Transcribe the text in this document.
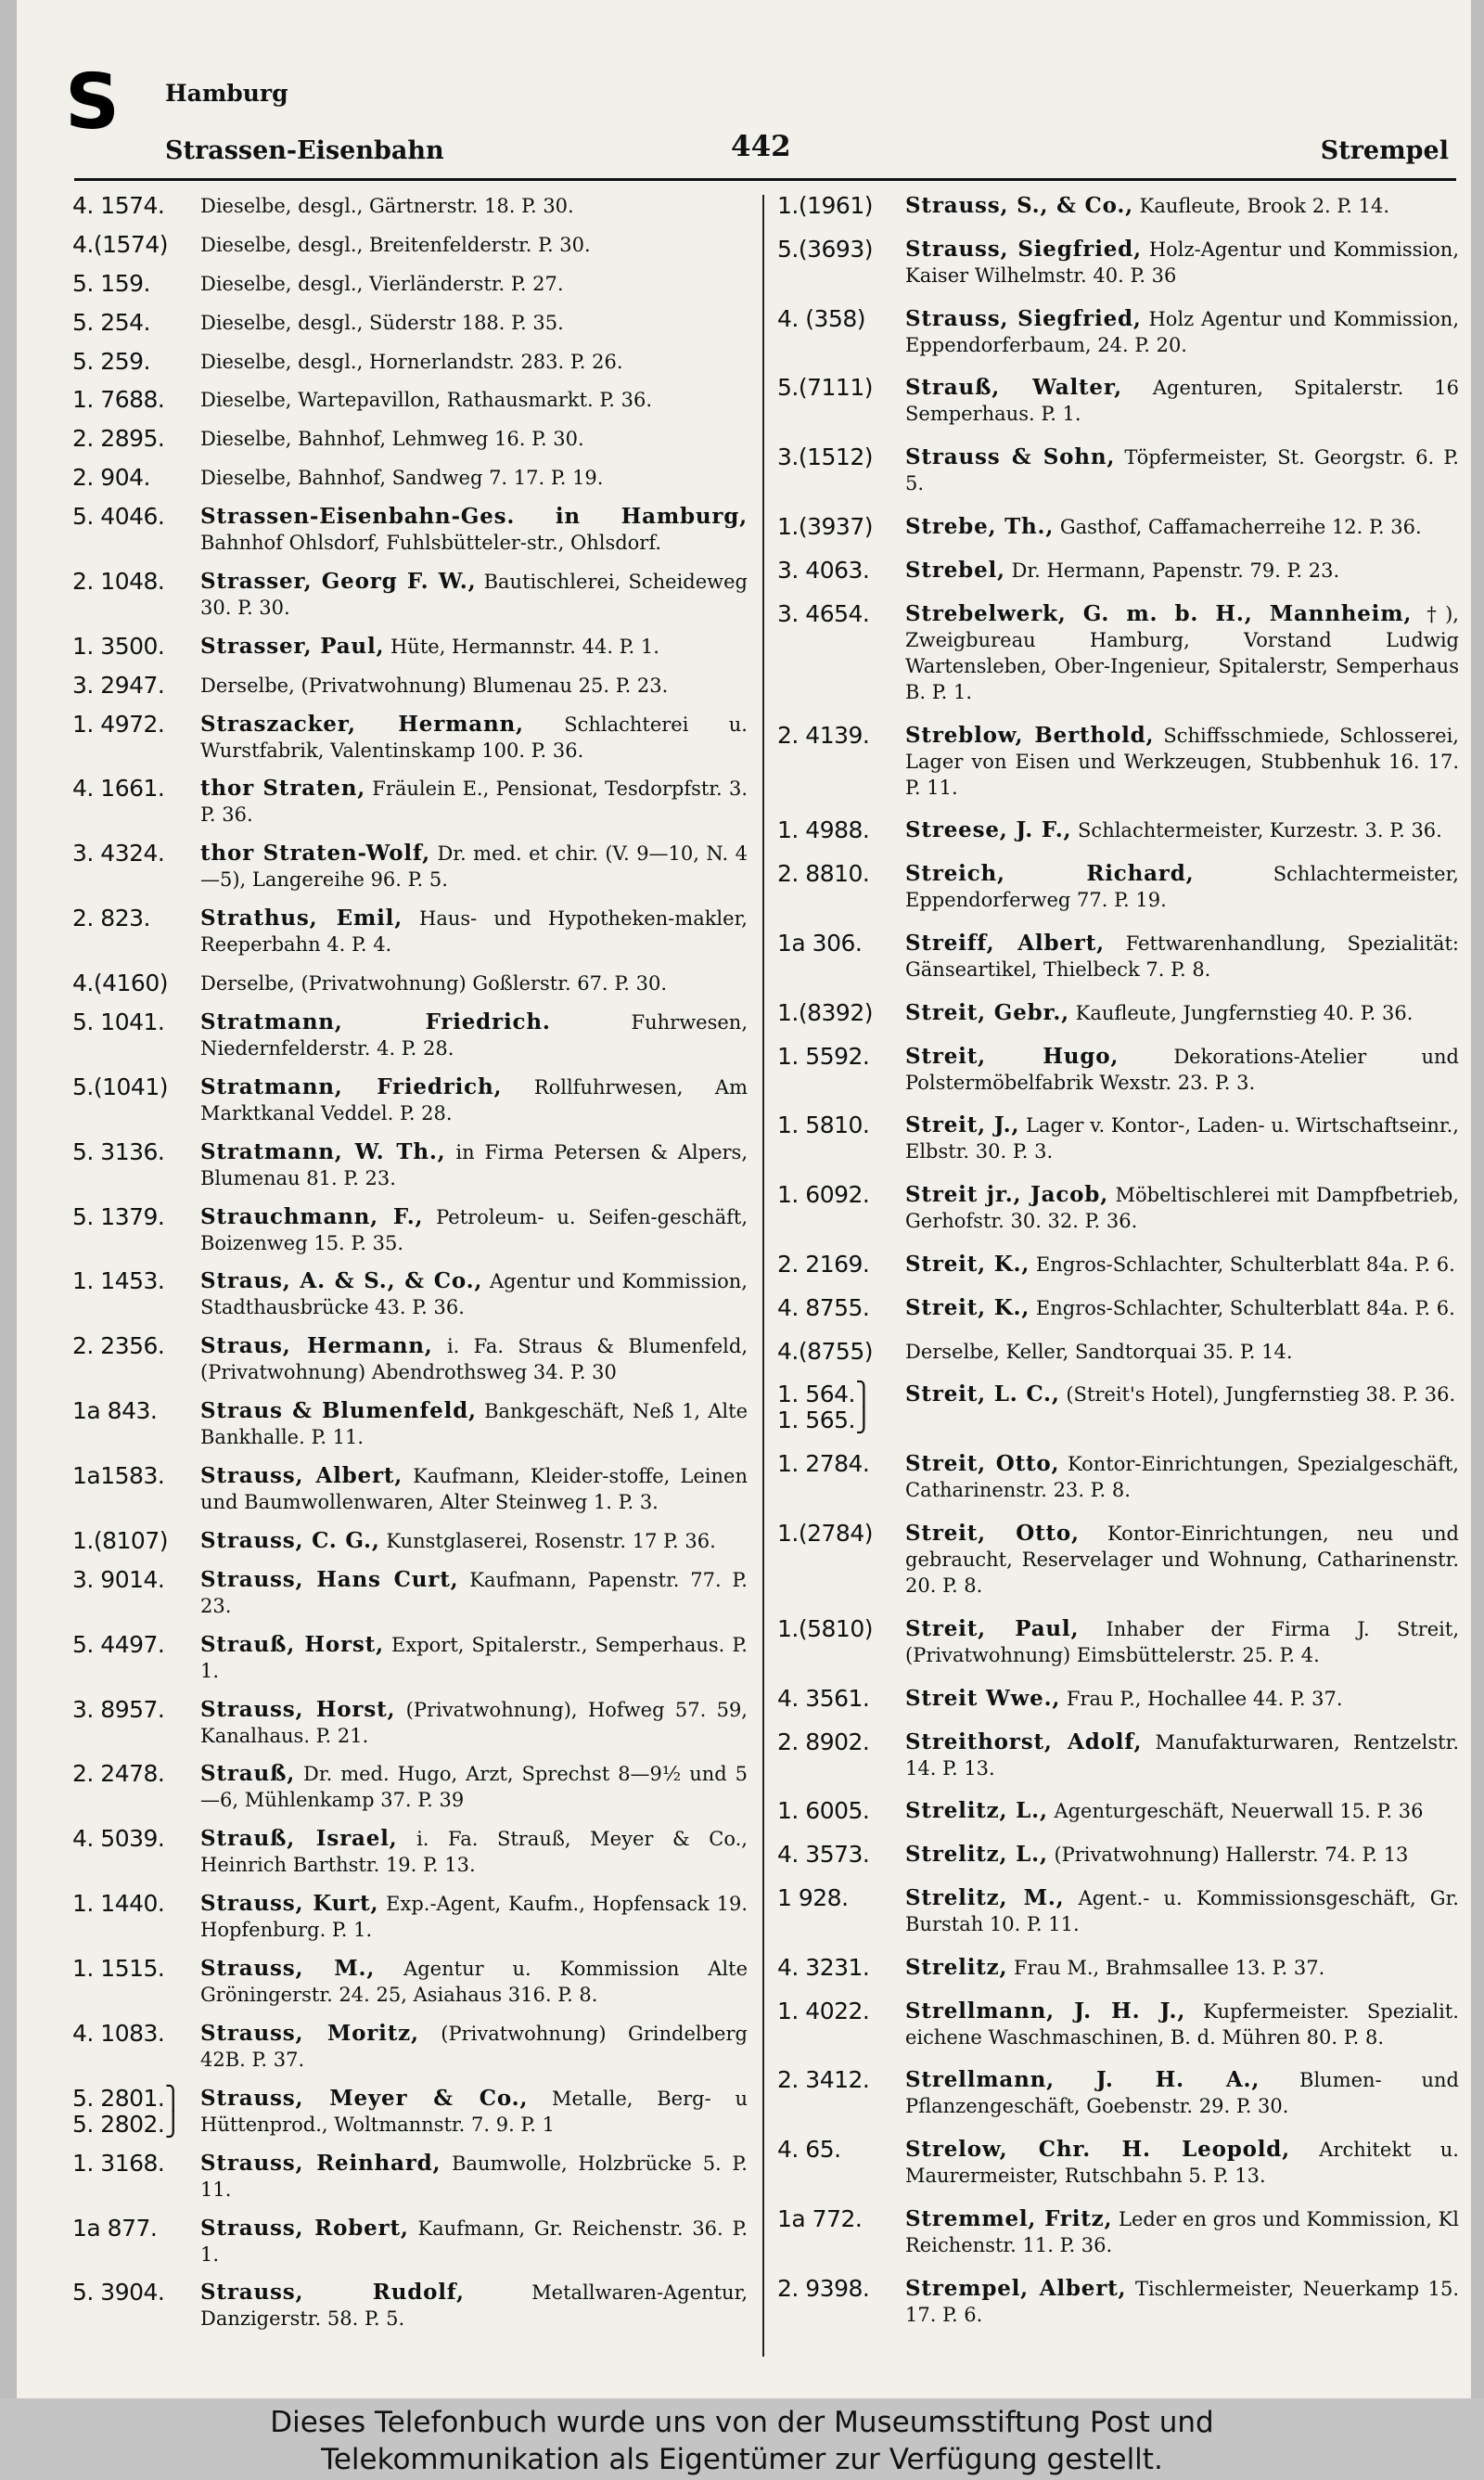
S Hamburg
Strassen-Eisenbahn	442	Strempel
4. 1574.	Dieselbe, desgl., Gärtnerstr. 18. P. 30.
4.(1574)	Dieselbe, desgl., Breitenfelderstr. P. 30.
5. 159.	Dieselbe, desgl., Vierländerstr. P. 27.
5. 254.	Dieselbe, desgl., Süderstr 188. P. 35.
5. 259.	Dieselbe, desgl., Hornerlandstr. 283. P. 26.
1. 7688.	Dieselbe, Wartepavillon, Rathausmarkt. P. 36.
2. 2895.	Dieselbe, Bahnhof, Lehmweg 16. P. 30.
2. 904.	Dieselbe, Bahnhof, Sandweg 7. 17. P. 19.
5. 4046.	Strassen-Eisenbahn-Ges. in Hamburg, Bahnhof Ohlsdorf, Fuhlsbütteler-str., Ohlsdorf.
2. 1048.	Strasser, Georg F. W., Bautischlerei, Scheideweg 30. P. 30.
1. 3500.	Strasser, Paul, Hüte, Hermannstr. 44. P. 1.
3. 2947.	Derselbe, (Privatwohnung) Blumenau 25. P. 23.
1. 4972.	Straszacker, Hermann, Schlachterei u. Wurstfabrik, Valentinskamp 100. P. 36.
4. 1661.	thor Straten, Fräulein E., Pensionat, Tesdorpfstr. 3. P. 36.
3. 4324.	thor Straten-Wolf, Dr. med. et chir. (V. 9—10, N. 4—5), Langereihe 96. P. 5.
2. 823.	Strathus, Emil, Haus- und Hypotheken-makler, Reeperbahn 4. P. 4.
4.(4160)	Derselbe, (Privatwohnung) Goßlerstr. 67. P. 30.
5. 1041.	Stratmann, Friedrich.	Fuhrwesen, Niedernfelderstr. 4. P. 28.
5.(1041)	Stratmann, Friedrich, Rollfuhrwesen, Am Marktkanal Veddel. P. 28.
5. 3136.	Stratmann, W. Th., in Firma Petersen & Alpers, Blumenau 81. P. 23.
5. 1379.	Strauchmann, F., Petroleum- u. Seifen-geschäft, Boizenweg 15. P. 35.
1. 1453.	Straus, A. & S., & Co., Agentur und Kommission, Stadthausbrücke 43. P. 36.
2. 2356.	Straus, Hermann, i. Fa. Straus & Blumenfeld, (Privatwohnung) Abendrothsweg 34. P. 30
1a 843.	Straus & Blumenfeld, Bankgeschäft, Neß 1, Alte Bankhalle. P. 11.
1a1583.	Strauss, Albert, Kaufmann, Kleider-stoffe, Leinen und Baumwollenwaren, Alter Steinweg 1. P. 3.
1.(8107)	Strauss, C. G., Kunstglaserei, Rosenstr. 17 P. 36.
3. 9014.	Strauss, Hans Curt, Kaufmann, Papenstr. 77. P. 23.
5. 4497.	Strauß, Horst, Export, Spitalerstr., Semperhaus. P. 1.
3. 8957.	Strauss, Horst, (Privatwohnung), Hofweg 57. 59, Kanalhaus. P. 21.
2. 2478.	Strauß, Dr. med. Hugo, Arzt, Sprechst 8—9½ und 5—6, Mühlenkamp 37. P. 39
4. 5039.	Strauß, Israel, i. Fa. Strauß, Meyer & Co., Heinrich Barthstr. 19. P. 13.
1. 1440.	Strauss, Kurt, Exp.-Agent, Kaufm., Hopfensack 19. Hopfenburg. P. 1.
1. 1515.	Strauss, M., Agentur u. Kommission Alte Gröningerstr. 24. 25, Asiahaus 316. P. 8.
4. 1083.	Strauss, Moritz, (Privatwohnung) Grindelberg 42B. P. 37.
5. 2801.⎫
5. 2802.⎭
Strauss, Meyer & Co., Metalle, Berg- u Hüttenprod., Woltmannstr. 7. 9. P. 1
1. 3168.	Strauss, Reinhard, Baumwolle, Holzbrücke 5. P. 11.
1a 877.	Strauss, Robert, Kaufmann, Gr. Reichenstr. 36. P. 1.
5. 3904.	Strauss, Rudolf,	Metallwaren-Agentur, Danzigerstr. 58. P. 5.
1.(1961)	Strauss, S., & Co., Kaufleute, Brook 2. P. 14.
5.(3693)	Strauss, Siegfried, Holz-Agentur und Kommission, Kaiser Wilhelmstr. 40. P. 36
4. (358)	Strauss, Siegfried, Holz Agentur und Kommission, Eppendorferbaum, 24. P. 20.
5.(7111)	Strauß, Walter, Agenturen, Spitalerstr. 16 Semperhaus. P. 1.
3.(1512)	Strauss & Sohn, Töpfermeister, St. Georgstr. 6. P. 5.
1.(3937)	Strebe, Th., Gasthof, Caffamacherreihe 12. P. 36.
3. 4063.	Strebel, Dr. Hermann, Papenstr. 79. P. 23.
3. 4654.	Strebelwerk, G. m. b. H., Mannheim, †), Zweigbureau Hamburg, Vorstand Ludwig Wartensleben, Ober-Ingenieur, Spitalerstr, Semperhaus B. P. 1.
2. 4139.	Streblow, Berthold, Schiffsschmiede, Schlosserei, Lager von Eisen und Werkzeugen, Stubbenhuk 16. 17. P. 11.
1. 4988.	Streese, J. F., Schlachtermeister, Kurzestr. 3. P. 36.
2. 8810.	Streich, Richard,	Schlachtermeister, Eppendorferweg 77. P. 19.
1a 306.	Streiff, Albert, Fettwarenhandlung, Spezialität: Gänseartikel, Thielbeck 7. P. 8.
1.(8392)	Streit, Gebr., Kaufleute, Jungfernstieg 40. P. 36.
1. 5592.	Streit, Hugo,	Dekorations-Atelier und Polstermöbelfabrik Wexstr. 23. P. 3.
1. 5810.	Streit, J., Lager v. Kontor-, Laden- u. Wirtschaftseinr., Elbstr. 30. P. 3.
1. 6092.	Streit jr., Jacob, Möbeltischlerei mit Dampfbetrieb, Gerhofstr. 30. 32. P. 36.
2. 2169.	Streit, K., Engros-Schlachter, Schulterblatt 84a. P. 6.
4. 8755.	Streit, K., Engros-Schlachter, Schulterblatt 84a. P. 6.
4.(8755)	Derselbe, Keller, Sandtorquai 35. P. 14.
1. 564.⎫
1. 565.⎭
Streit, L. C., (Streit's Hotel), Jungfernstieg 38. P. 36.
1. 2784.	Streit, Otto, Kontor-Einrichtungen, Spezialgeschäft, Catharinenstr. 23. P. 8.
1.(2784)	Streit, Otto, Kontor-Einrichtungen, neu und gebraucht, Reservelager und Wohnung, Catharinenstr. 20. P. 8.
1.(5810)	Streit, Paul, Inhaber der Firma J. Streit, (Privatwohnung) Eimsbüttelerstr. 25. P. 4.
4. 3561.	Streit Wwe., Frau P., Hochallee 44. P. 37.
2. 8902.	Streithorst, Adolf, Manufakturwaren, Rentzelstr. 14. P. 13.
1. 6005.	Strelitz, L., Agenturgeschäft, Neuerwall 15. P. 36
4. 3573.	Strelitz, L., (Privatwohnung) Hallerstr. 74. P. 13
1 928.	Strelitz, M., Agent.- u. Kommissionsgeschäft, Gr. Burstah 10. P. 11.
4. 3231.	Strelitz, Frau M., Brahmsallee 13. P. 37.
1. 4022.	Strellmann, J. H. J., Kupfermeister. Spezialit. eichene Waschmaschinen, B. d. Mühren 80. P. 8.
2. 3412.	Strellmann, J. H. A., Blumen- und Pflanzengeschäft, Goebenstr. 29. P. 30.
4. 65.	Strelow, Chr. H. Leopold, Architekt u. Maurermeister, Rutschbahn 5. P. 13.
1a 772.	Stremmel, Fritz, Leder en gros und Kommission, Kl Reichenstr. 11. P. 36.
2. 9398.	Strempel, Albert, Tischlermeister, Neuerkamp 15. 17. P. 6.
Dieses Telefonbuch wurde uns von der Museumsstiftung Post und
Telekommunikation als Eigentümer zur Verfügung gestellt.
